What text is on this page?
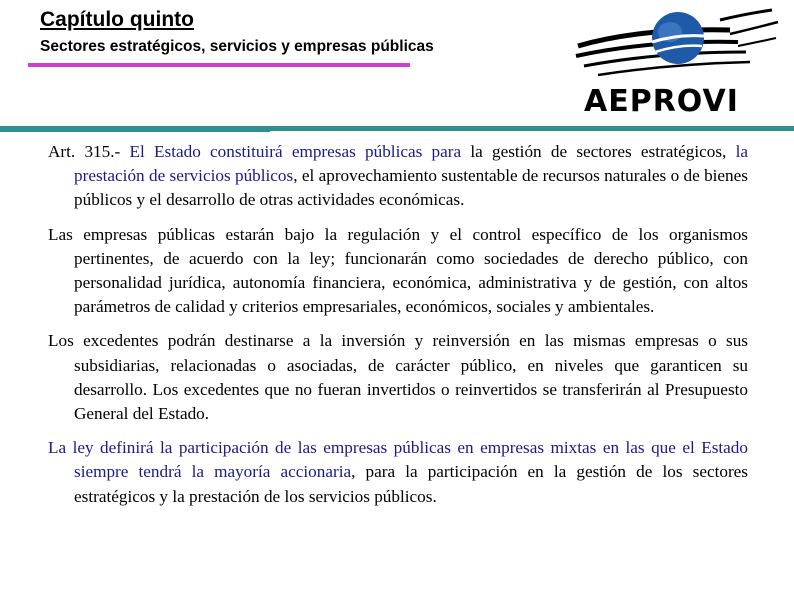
Capítulo quinto
Sectores estratégicos, servicios y empresas públicas
AEPROVI

Art. 315.- El Estado constituirá empresas públicas para la gestión de sectores estratégicos, la prestación de servicios públicos, el aprovechamiento sustentable de recursos naturales o de bienes públicos y el desarrollo de otras actividades económicas.

Las empresas públicas estarán bajo la regulación y el control específico de los organismos pertinentes, de acuerdo con la ley; funcionarán como sociedades de derecho público, con personalidad jurídica, autonomía financiera, económica, administrativa y de gestión, con altos parámetros de calidad y criterios empresariales, económicos, sociales y ambientales.

Los excedentes podrán destinarse a la inversión y reinversión en las mismas empresas o sus subsidiarias, relacionadas o asociadas, de carácter público, en niveles que garanticen su desarrollo. Los excedentes que no fueran invertidos o reinvertidos se transferirán al Presupuesto General del Estado.

La ley definirá la participación de las empresas públicas en empresas mixtas en las que el Estado siempre tendrá la mayoría accionaria, para la participación en la gestión de los sectores estratégicos y la prestación de los servicios públicos.
